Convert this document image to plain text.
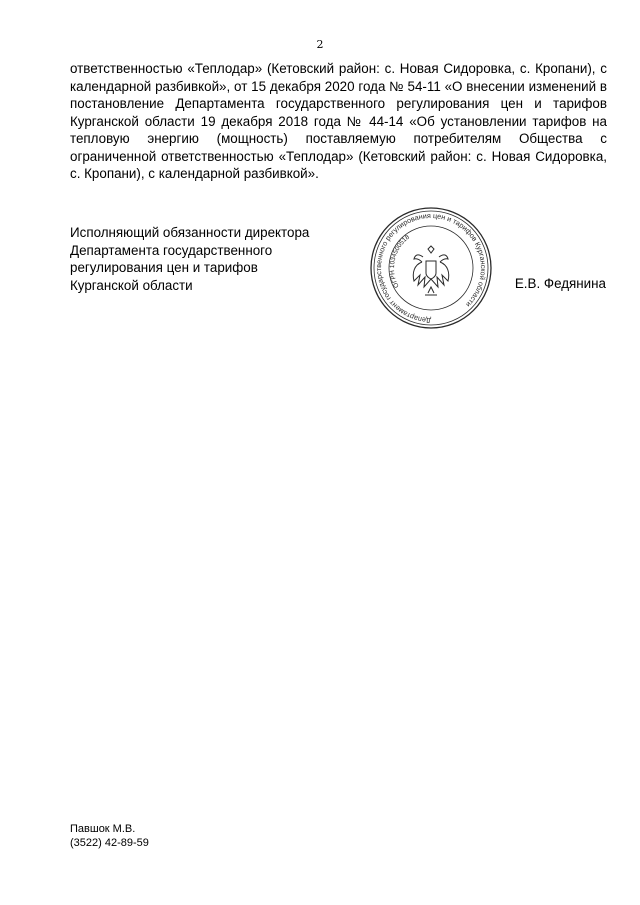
2

ответственностью «Теплодар» (Кетовский район: с. Новая Сидоровка, с. Кропани), с календарной разбивкой», от 15 декабря 2020 года № 54-11 «О внесении изменений в постановление Департамента государственного регулирования цен и тарифов Курганской области 19 декабря 2018 года № 44-14 «Об установлении тарифов на тепловую энергию (мощность) поставляемую потребителям Общества с ограниченной ответственностью «Теплодар» (Кетовский район: с. Новая Сидоровка, с. Кропани), с календарной разбивкой».

Исполняющий обязанности директора
Департамента государственного
регулирования цен и тарифов
Курганской области
Департамент государственного регулирования цен и тарифов Курганской области
ОГРН 1034500518
Е.В. Федянина
Павшок М.В.
(3522) 42-89-59
